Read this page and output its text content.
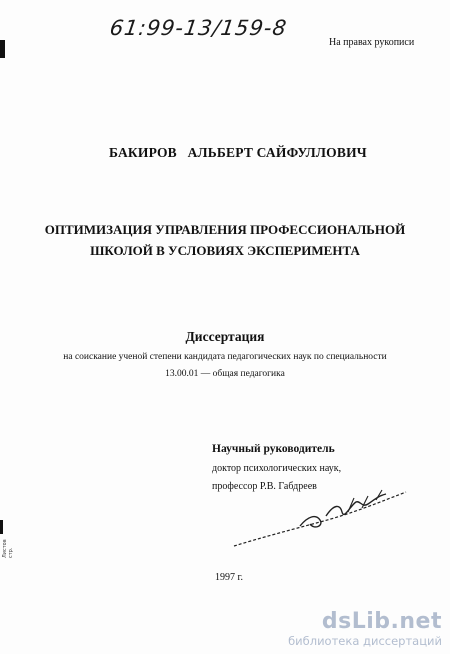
Листов стр.
61:99-13/159-8
На правах рукописи
БАКИРОВ   АЛЬБЕРТ САЙФУЛЛОВИЧ
ОПТИМИЗАЦИЯ УПРАВЛЕНИЯ ПРОФЕССИОНАЛЬНОЙ
ШКОЛОЙ В УСЛОВИЯХ ЭКСПЕРИМЕНТА
Диссертация
на соискание ученой степени кандидата педагогических наук по специальности
13.00.01 — общая педагогика
Научный руководитель
доктор психологических наук,
профессор Р.В. Габдреев
1997 г.
dsLib.net
библиотека диссертаций
